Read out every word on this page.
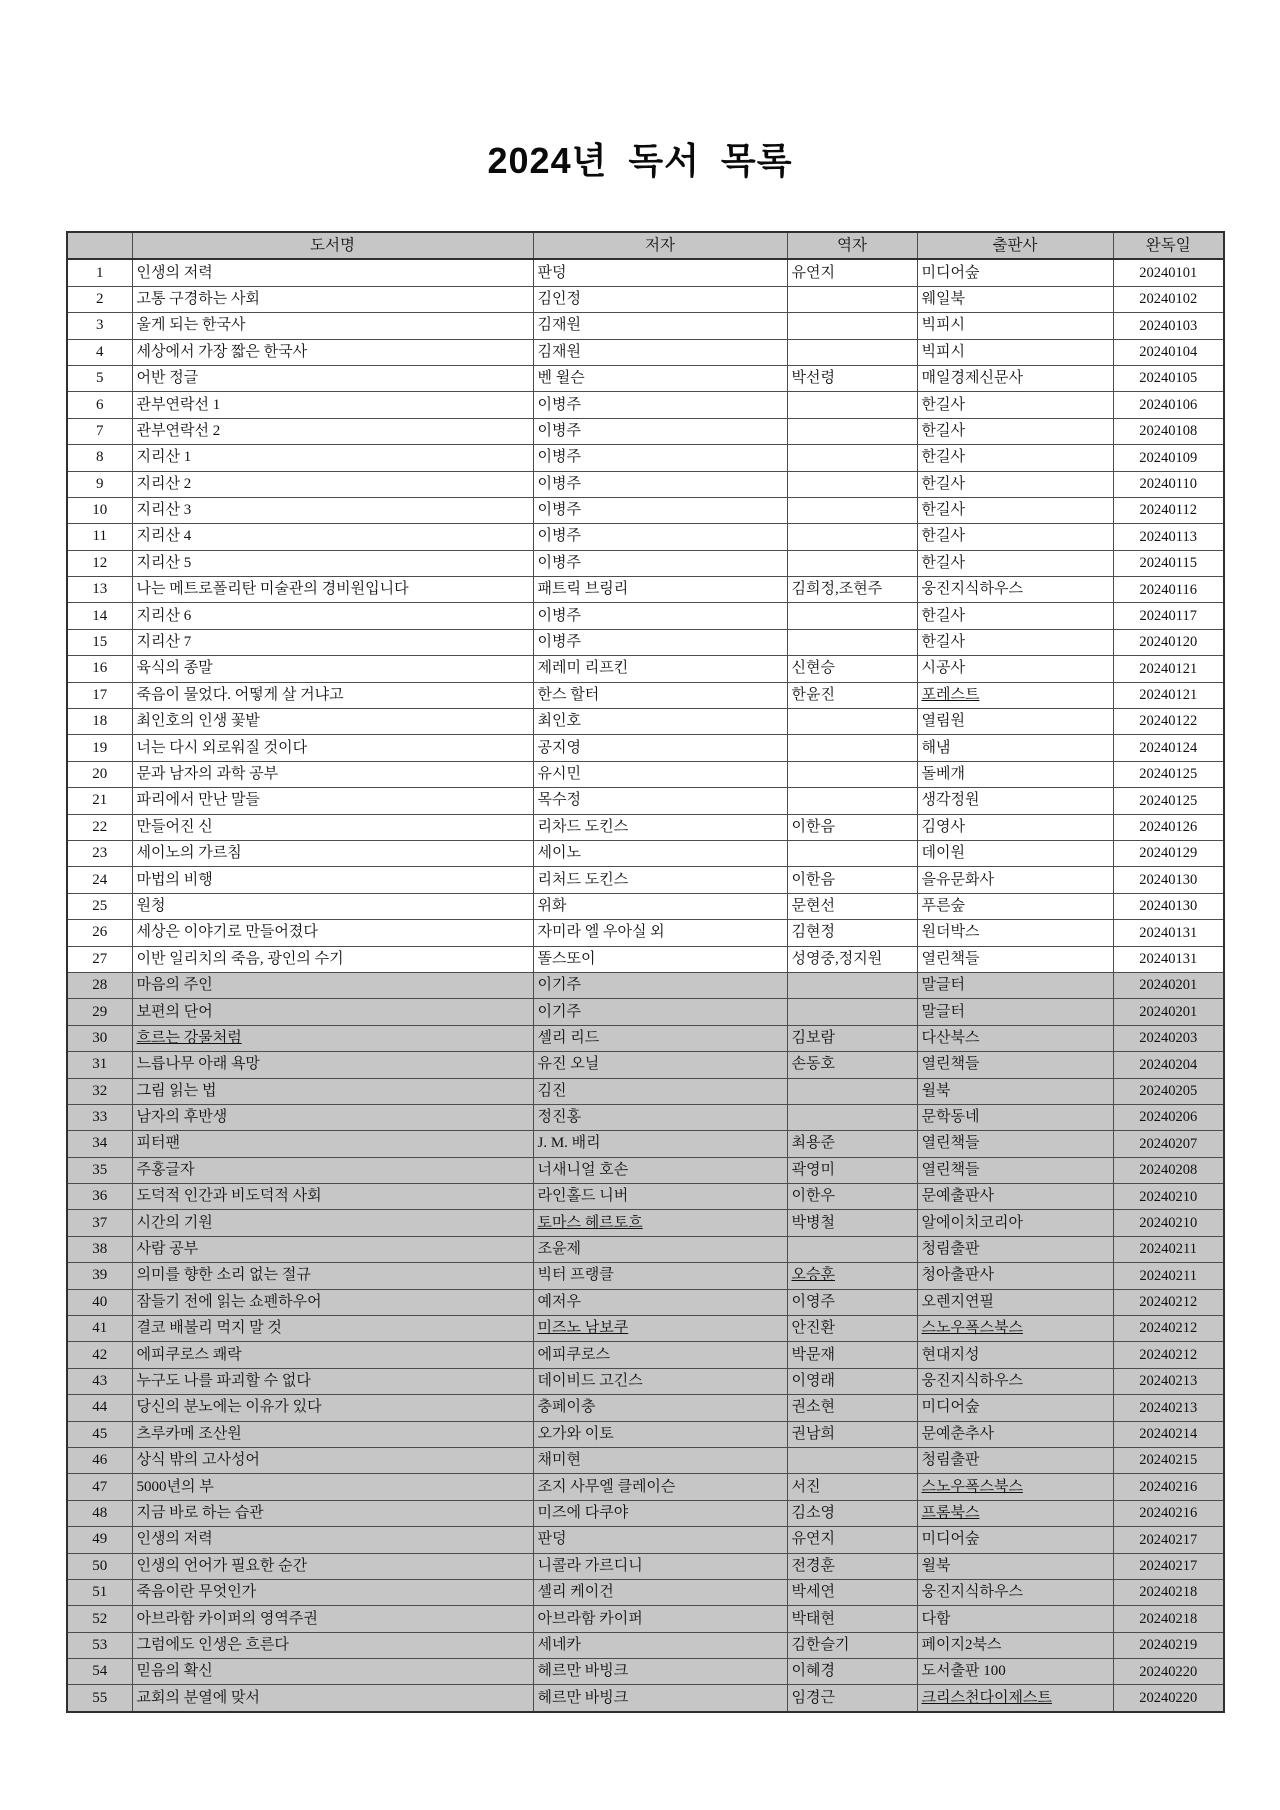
2024년 독서 목록
	도서명	저자	역자	출판사	완독일
1	인생의 저력	판덩	유연지	미디어숲	20240101
2	고통 구경하는 사회	김인정		웨일북	20240102
3	울게 되는 한국사	김재원		빅피시	20240103
4	세상에서 가장 짧은 한국사	김재원		빅피시	20240104
5	어반 정글	벤 윌슨	박선령	매일경제신문사	20240105
6	관부연락선 1	이병주		한길사	20240106
7	관부연락선 2	이병주		한길사	20240108
8	지리산 1	이병주		한길사	20240109
9	지리산 2	이병주		한길사	20240110
10	지리산 3	이병주		한길사	20240112
11	지리산 4	이병주		한길사	20240113
12	지리산 5	이병주		한길사	20240115
13	나는 메트로폴리탄 미술관의 경비원입니다	패트릭 브링리	김희정,조현주	웅진지식하우스	20240116
14	지리산 6	이병주		한길사	20240117
15	지리산 7	이병주		한길사	20240120
16	육식의 종말	제레미 리프킨	신현승	시공사	20240121
17	죽음이 물었다. 어떻게 살 거냐고	한스 할터	한윤진	포레스트	20240121
18	최인호의 인생 꽃밭	최인호		열림원	20240122
19	너는 다시 외로워질 것이다	공지영		해냄	20240124
20	문과 남자의 과학 공부	유시민		돌베개	20240125
21	파리에서 만난 말들	목수정		생각정원	20240125
22	만들어진 신	리차드 도킨스	이한음	김영사	20240126
23	세이노의 가르침	세이노		데이원	20240129
24	마법의 비행	리처드 도킨스	이한음	을유문화사	20240130
25	원청	위화	문현선	푸른숲	20240130
26	세상은 이야기로 만들어졌다	자미라 엘 우아실 외	김현정	원더박스	20240131
27	이반 일리치의 죽음, 광인의 수기	똘스또이	성영중,정지원	열린책들	20240131
28	마음의 주인	이기주		말글터	20240201
29	보편의 단어	이기주		말글터	20240201
30	흐르는 강물처럼	셀리 리드	김보람	다산북스	20240203
31	느릅나무 아래 욕망	유진 오닐	손동호	열린책들	20240204
32	그림 읽는 법	김진		윌북	20240205
33	남자의 후반생	정진홍		문학동네	20240206
34	피터팬	J. M. 배리	최용준	열린책들	20240207
35	주홍글자	너새니얼 호손	곽영미	열린책들	20240208
36	도덕적 인간과 비도덕적 사회	라인홀드 니버	이한우	문예출판사	20240210
37	시간의 기원	토마스 헤르토흐	박병철	알에이치코리아	20240210
38	사람 공부	조윤제		청림출판	20240211
39	의미를 향한 소리 없는 절규	빅터 프랭클	오승훈	청아출판사	20240211
40	잠들기 전에 읽는 쇼펜하우어	예저우	이영주	오렌지연필	20240212
41	결코 배불리 먹지 말 것	미즈노 남보쿠	안진환	스노우폭스북스	20240212
42	에피쿠로스 쾌락	에피쿠로스	박문재	현대지성	20240212
43	누구도 나를 파괴할 수 없다	데이비드 고긴스	이영래	웅진지식하우스	20240213
44	당신의 분노에는 이유가 있다	충페이충	권소현	미디어숲	20240213
45	츠루카메 조산원	오가와 이토	권남희	문예춘추사	20240214
46	상식 밖의 고사성어	채미현		청림출판	20240215
47	5000년의 부	조지 사무엘 클레이슨	서진	스노우폭스북스	20240216
48	지금 바로 하는 습관	미즈에 다쿠야	김소영	프롬북스	20240216
49	인생의 저력	판덩	유연지	미디어숲	20240217
50	인생의 언어가 필요한 순간	니콜라 가르디니	전경훈	윌북	20240217
51	죽음이란 무엇인가	셸리 케이건	박세연	웅진지식하우스	20240218
52	아브라함 카이퍼의 영역주권	아브라함 카이퍼	박태현	다함	20240218
53	그럼에도 인생은 흐른다	세네카	김한슬기	페이지2북스	20240219
54	믿음의 확신	헤르만 바빙크	이혜경	도서출판 100	20240220
55	교회의 분열에 맞서	헤르만 바빙크	임경근	크리스천다이제스트	20240220
